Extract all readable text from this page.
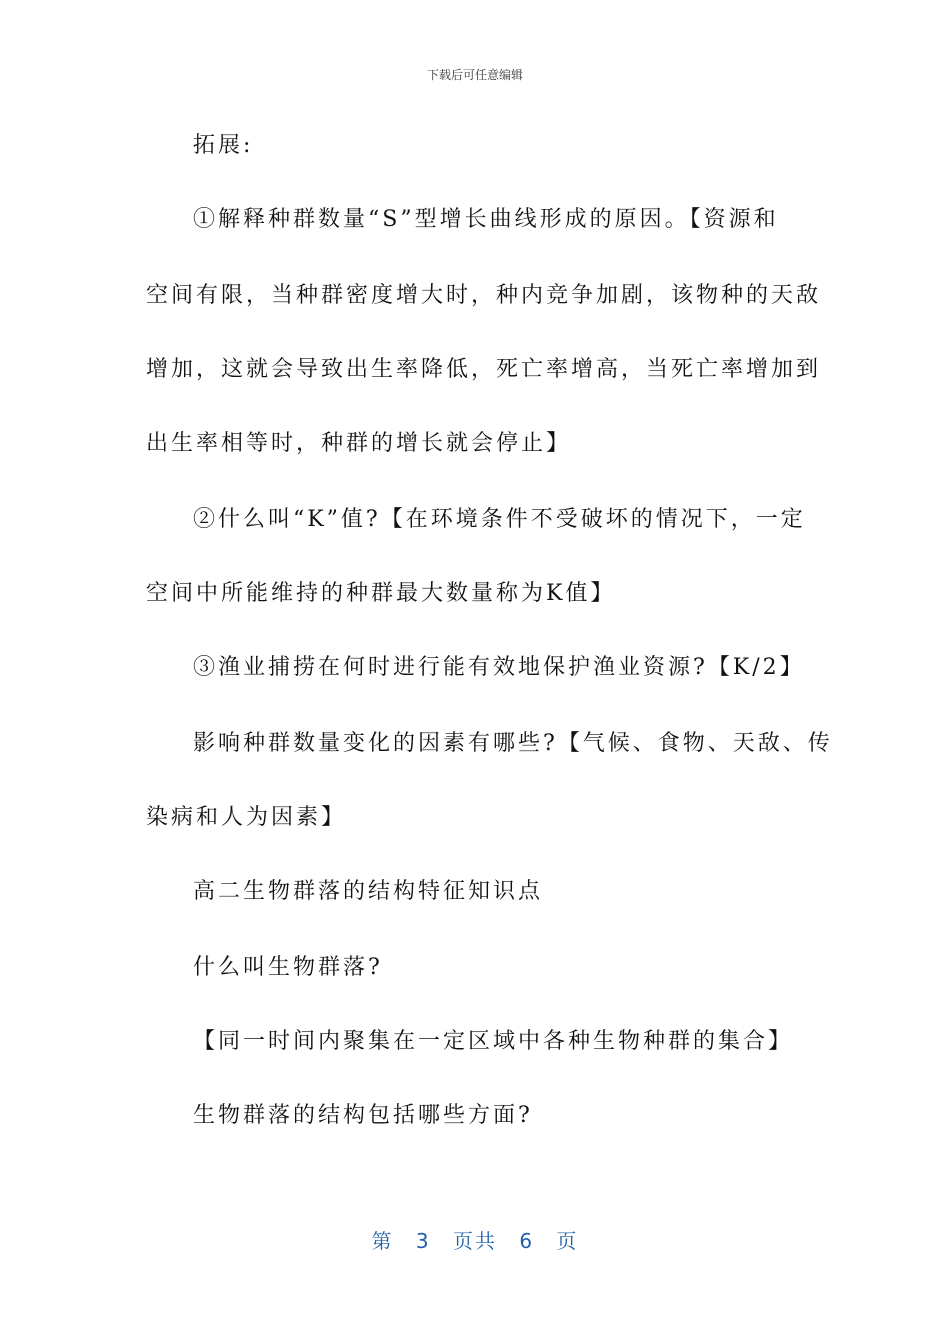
下载后可任意编辑
拓展:
①解释种群数量“S”型增长曲线形成的原因。【资源和
空间有限，当种群密度增大时，种内竞争加剧，该物种的天敌
增加，这就会导致出生率降低，死亡率增高，当死亡率增加到
出生率相等时，种群的增长就会停止】
②什么叫“K”值?【在环境条件不受破坏的情况下，一定
空间中所能维持的种群最大数量称为K值】
③渔业捕捞在何时进行能有效地保护渔业资源?【K/2】
影响种群数量变化的因素有哪些?【气候、食物、天敌、传
染病和人为因素】
高二生物群落的结构特征知识点
什么叫生物群落?
【同一时间内聚集在一定区域中各种生物种群的集合】
生物群落的结构包括哪些方面?
第 3 页共 6 页
